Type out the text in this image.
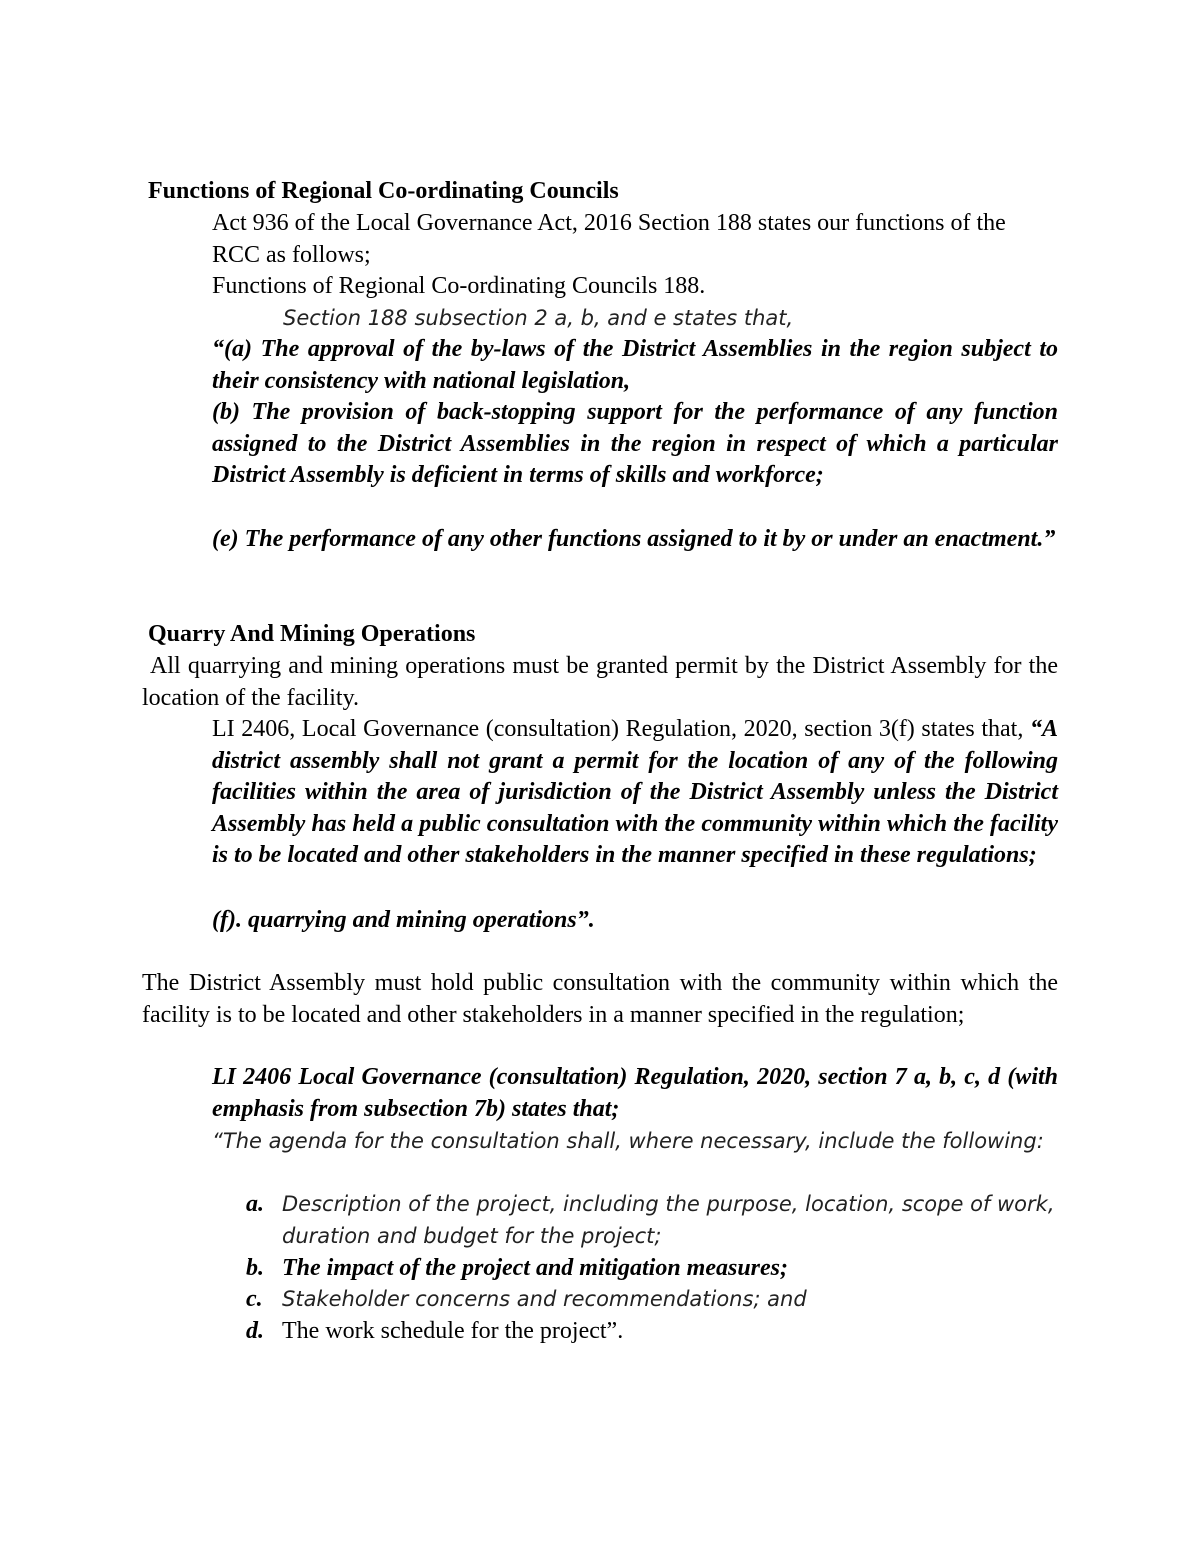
Functions of Regional Co-ordinating Councils
Act 936 of the Local Governance Act, 2016 Section 188 states our functions of the RCC as follows;
Functions of Regional Co-ordinating Councils 188.
Section 188 subsection 2 a, b, and e states that,
“(a) The approval of the by-laws of the District Assemblies in the region subject to their consistency with national legislation,
(b) The provision of back-stopping support for the performance of any function assigned to the District Assemblies in the region in respect of which a particular District Assembly is deficient in terms of skills and workforce;
(e) The performance of any other functions assigned to it by or under an enactment.”
Quarry And Mining Operations
All quarrying and mining operations must be granted permit by the District Assembly for the location of the facility.
LI 2406, Local Governance (consultation) Regulation, 2020, section 3(f) states that, “A district assembly shall not grant a permit for the location of any of the following facilities within the area of jurisdiction of the District Assembly unless the District Assembly has held a public consultation with the community within which the facility is to be located and other stakeholders in the manner specified in these regulations;
(f). quarrying and mining operations”.
The District Assembly must hold public consultation with the community within which the facility is to be located and other stakeholders in a manner specified in the regulation;
LI 2406 Local Governance (consultation) Regulation, 2020, section 7 a, b, c, d (with emphasis from subsection 7b) states that;
“The agenda for the consultation shall, where necessary, include the following:
a. Description of the project, including the purpose, location, scope of work, duration and budget for the project;
b. The impact of the project and mitigation measures;
c. Stakeholder concerns and recommendations; and
d. The work schedule for the project”.
